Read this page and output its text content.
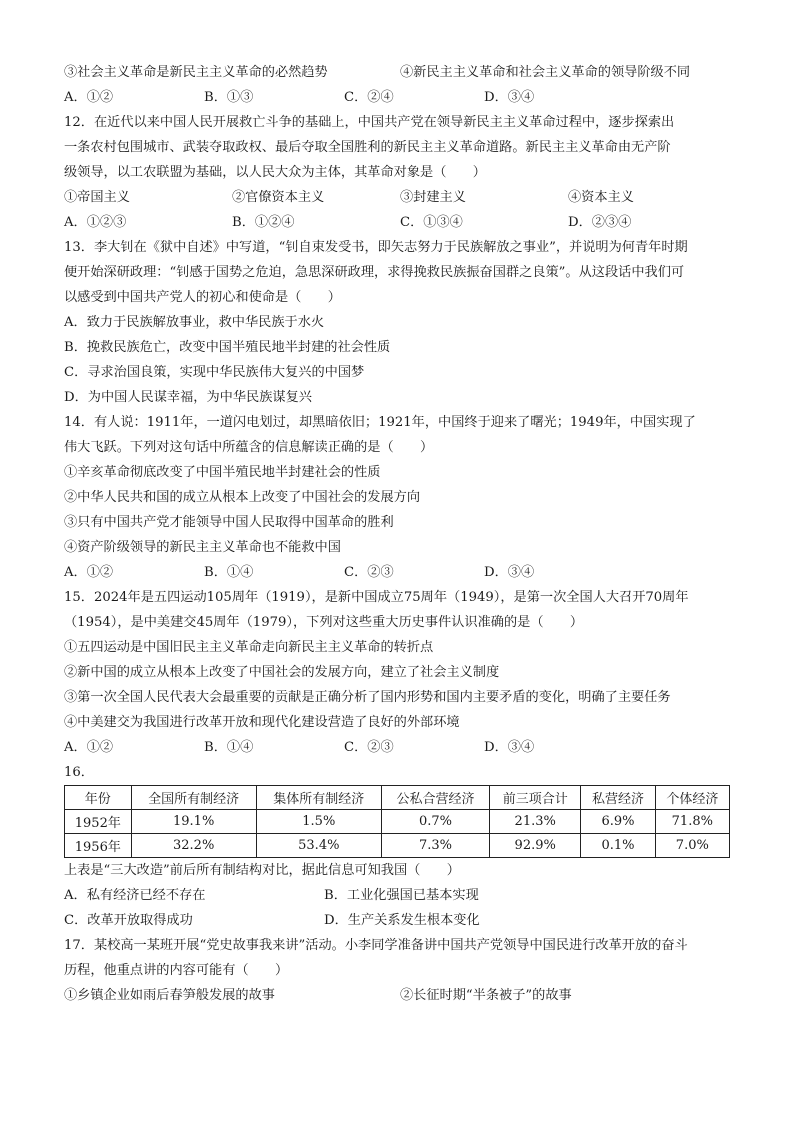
③社会主义革命是新民主主义革命的必然趋势	④新民主主义革命和社会主义革命的领导阶级不同
A．①②	B．①③	C．②④	D．③④
12．在近代以来中国人民开展救亡斗争的基础上，中国共产党在领导新民主主义革命过程中，逐步探索出
一条农村包围城市、武装夺取政权、最后夺取全国胜利的新民主主义革命道路。新民主主义革命由无产阶
级领导，以工农联盟为基础，以人民大众为主体，其革命对象是（　　）
①帝国主义	②官僚资本主义	③封建主义	④资本主义
A．①②③	B．①②④	C．①③④	D．②③④
13．李大钊在《狱中自述》中写道，“钊自束发受书，即矢志努力于民族解放之事业”，并说明为何青年时期
便开始深研政理：“钊感于国势之危迫，急思深研政理，求得挽救民族振奋国群之良策”。从这段话中我们可
以感受到中国共产党人的初心和使命是（　　）
A．致力于民族解放事业，救中华民族于水火
B．挽救民族危亡，改变中国半殖民地半封建的社会性质
C．寻求治国良策，实现中华民族伟大复兴的中国梦
D．为中国人民谋幸福，为中华民族谋复兴
14．有人说：1911年，一道闪电划过，却黑暗依旧；1921年，中国终于迎来了曙光；1949年，中国实现了
伟大飞跃。下列对这句话中所蕴含的信息解读正确的是（　　）
①辛亥革命彻底改变了中国半殖民地半封建社会的性质
②中华人民共和国的成立从根本上改变了中国社会的发展方向
③只有中国共产党才能领导中国人民取得中国革命的胜利
④资产阶级领导的新民主主义革命也不能救中国
A．①②	B．①④	C．②③	D．③④
15．2024年是五四运动105周年（1919），是新中国成立75周年（1949），是第一次全国人大召开70周年
（1954），是中美建交45周年（1979），下列对这些重大历史事件认识准确的是（　　）
①五四运动是中国旧民主主义革命走向新民主主义革命的转折点
②新中国的成立从根本上改变了中国社会的发展方向，建立了社会主义制度
③第一次全国人民代表大会最重要的贡献是正确分析了国内形势和国内主要矛盾的变化，明确了主要任务
④中美建交为我国进行改革开放和现代化建设营造了良好的外部环境
A．①②	B．①④	C．②③	D．③④
16．
年份	全国所有制经济	集体所有制经济	公私合营经济	前三项合计	私营经济	个体经济
1952年	19.1%	1.5%	0.7%	21.3%	6.9%	71.8%
1956年	32.2%	53.4%	7.3%	92.9%	0.1%	7.0%
上表是“三大改造”前后所有制结构对比，据此信息可知我国（　　）
A．私有经济已经不存在	B．工业化强国已基本实现
C．改革开放取得成功	D．生产关系发生根本变化
17．某校高一某班开展“党史故事我来讲”活动。小李同学准备讲中国共产党领导中国民进行改革开放的奋斗
历程，他重点讲的内容可能有（　　）
①乡镇企业如雨后春笋般发展的故事	②长征时期“半条被子”的故事
